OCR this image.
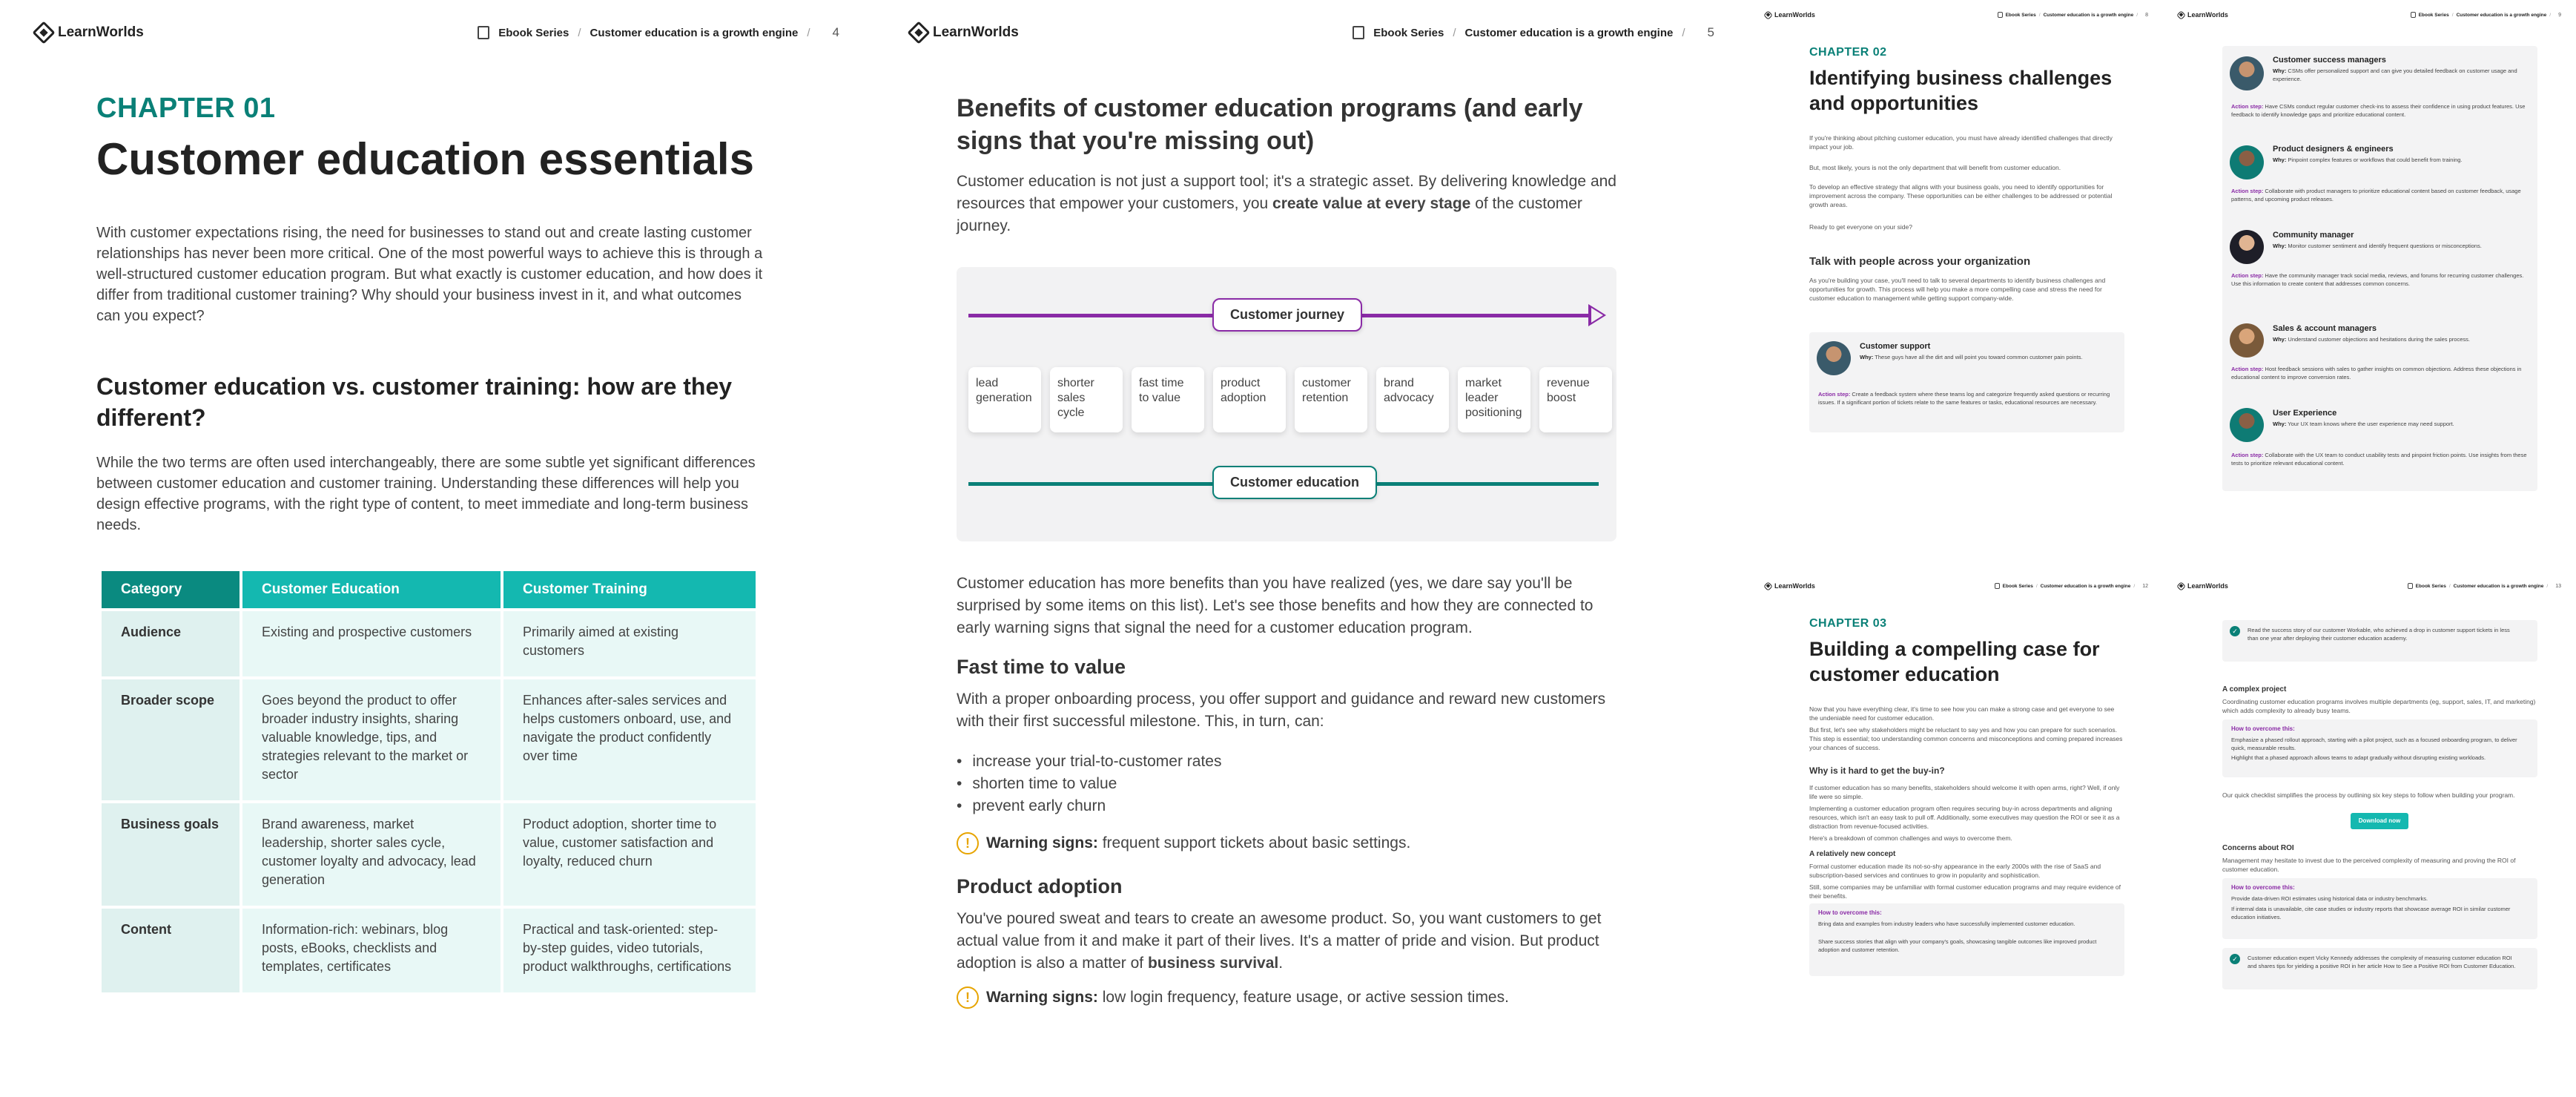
LearnWorlds	Ebook Series / Customer education is a growth engine / 4
CHAPTER 01
Customer education essentials

With customer expectations rising, the need for businesses to stand out and create lasting customer relationships has never been more critical. One of the most powerful ways to achieve this is through a well-structured customer education program. But what exactly is customer education, and how does it differ from traditional customer training? Why should your business invest in it, and what outcomes can you expect?

Customer education vs. customer training: how are they different?

While the two terms are often used interchangeably, there are some subtle yet significant differences between customer education and customer training. Understanding these differences will help you design effective programs, with the right type of content, to meet immediate and long-term business needs.

Category	Customer Education	Customer Training
Audience	Existing and prospective customers	Primarily aimed at existing customers
Broader scope	Goes beyond the product to offer broader industry insights, sharing valuable knowledge, tips, and strategies relevant to the market or sector	Enhances after-sales services and helps customers onboard, use, and navigate the product confidently over time
Business goals	Brand awareness, market leadership, shorter sales cycle, customer loyalty and advocacy, lead generation	Product adoption, shorter time to value, customer satisfaction and loyalty, reduced churn
Content	Information-rich: webinars, blog posts, eBooks, checklists and templates, certificates	Practical and task-oriented: step-by-step guides, video tutorials, product walkthroughs, certifications
LearnWorlds	Ebook Series / Customer education is a growth engine / 5
Benefits of customer education programs (and early signs that you're missing out)

Customer education is not just a support tool; it's a strategic asset. By delivering knowledge and resources that empower your customers, you create value at every stage of the customer journey.

Customer journey
lead generation
shorter sales cycle
fast time to value
product adoption
customer retention
brand advocacy
market leader positioning
revenue boost
Customer education

Customer education has more benefits than you have realized (yes, we dare say you'll be surprised by some items on this list). Let's see those benefits and how they are connected to early warning signs that signal the need for a customer education program.

Fast time to value

With a proper onboarding process, you offer support and guidance and reward new customers with their first successful milestone. This, in turn, can:

• increase your trial-to-customer rates
• shorten time to value
• prevent early churn
!	Warning signs: frequent support tickets about basic settings.
Product adoption

You've poured sweat and tears to create an awesome product. So, you want customers to get actual value from it and make it part of their lives. It's a matter of pride and vision. But product adoption is also a matter of business survival.

!	Warning signs: low login frequency, feature usage, or active session times.
LearnWorlds	Ebook Series / Customer education is a growth engine / 8
CHAPTER 02
Identifying business challenges and opportunities

If you're thinking about pitching customer education, you must have already identified challenges that directly impact your job.

But, most likely, yours is not the only department that will benefit from customer education.

To develop an effective strategy that aligns with your business goals, you need to identify opportunities for improvement across the company. These opportunities can be either challenges to be addressed or potential growth areas.

Ready to get everyone on your side?

Talk with people across your organization

As you're building your case, you'll need to talk to several departments to identify business challenges and opportunities for growth. This process will help you make a more compelling case and stress the need for customer education to management while getting support company-wide.

Customer support
Why: These guys have all the dirt and will point you toward common customer pain points.
Action step: Create a feedback system where these teams log and categorize frequently asked questions or recurring issues. If a significant portion of tickets relate to the same features or tasks, educational resources are necessary.
LearnWorlds	Ebook Series / Customer education is a growth engine / 9
Customer success managers
Why: CSMs offer personalized support and can give you detailed feedback on customer usage and experience.
Action step: Have CSMs conduct regular customer check-ins to assess their confidence in using product features. Use feedback to identify knowledge gaps and prioritize educational content.
Product designers & engineers
Why: Pinpoint complex features or workflows that could benefit from training.
Action step: Collaborate with product managers to prioritize educational content based on customer feedback, usage patterns, and upcoming product releases.
Community manager
Why: Monitor customer sentiment and identify frequent questions or misconceptions.
Action step: Have the community manager track social media, reviews, and forums for recurring customer challenges. Use this information to create content that addresses common concerns.
Sales & account managers
Why: Understand customer objections and hesitations during the sales process.
Action step: Host feedback sessions with sales to gather insights on common objections. Address these objections in educational content to improve conversion rates.
User Experience
Why: Your UX team knows where the user experience may need support.
Action step: Collaborate with the UX team to conduct usability tests and pinpoint friction points. Use insights from these tests to prioritize relevant educational content.
LearnWorlds	Ebook Series / Customer education is a growth engine / 12
CHAPTER 03
Building a compelling case for customer education

Now that you have everything clear, it's time to see how you can make a strong case and get everyone to see the undeniable need for customer education.

But first, let's see why stakeholders might be reluctant to say yes and how you can prepare for such scenarios. This step is essential; too understanding common concerns and misconceptions and coming prepared increases your chances of success.

Why is it hard to get the buy-in?

If customer education has so many benefits, stakeholders should welcome it with open arms, right? Well, if only life were so simple.

Implementing a customer education program often requires securing buy-in across departments and aligning resources, which isn't an easy task to pull off. Additionally, some executives may question the ROI or see it as a distraction from revenue-focused activities.

Here's a breakdown of common challenges and ways to overcome them.

A relatively new concept

Formal customer education made its not-so-shy appearance in the early 2000s with the rise of SaaS and subscription-based services and continues to grow in popularity and sophistication.

Still, some companies may be unfamiliar with formal customer education programs and may require evidence of their benefits.

How to overcome this:
Bring data and examples from industry leaders who have successfully implemented customer education.
Share success stories that align with your company's goals, showcasing tangible outcomes like improved product adoption and customer retention.
LearnWorlds	Ebook Series / Customer education is a growth engine / 13
✓	Read the success story of our customer Workable, who achieved a drop in customer support tickets in less than one year after deploying their customer education academy.
A complex project

Coordinating customer education programs involves multiple departments (eg, support, sales, IT, and marketing) which adds complexity to already busy teams.

How to overcome this:
Emphasize a phased rollout approach, starting with a pilot project, such as a focused onboarding program, to deliver quick, measurable results.
Highlight that a phased approach allows teams to adapt gradually without disrupting existing workloads.

Our quick checklist simplifies the process by outlining six key steps to follow when building your program.

Download now
Concerns about ROI

Management may hesitate to invest due to the perceived complexity of measuring and proving the ROI of customer education.

How to overcome this:
Provide data-driven ROI estimates using historical data or industry benchmarks.
If internal data is unavailable, cite case studies or industry reports that showcase average ROI in similar customer education initiatives.
✓	Customer education expert Vicky Kennedy addresses the complexity of measuring customer education ROI and shares tips for yielding a positive ROI in her article How to See a Positive ROI from Customer Education.
